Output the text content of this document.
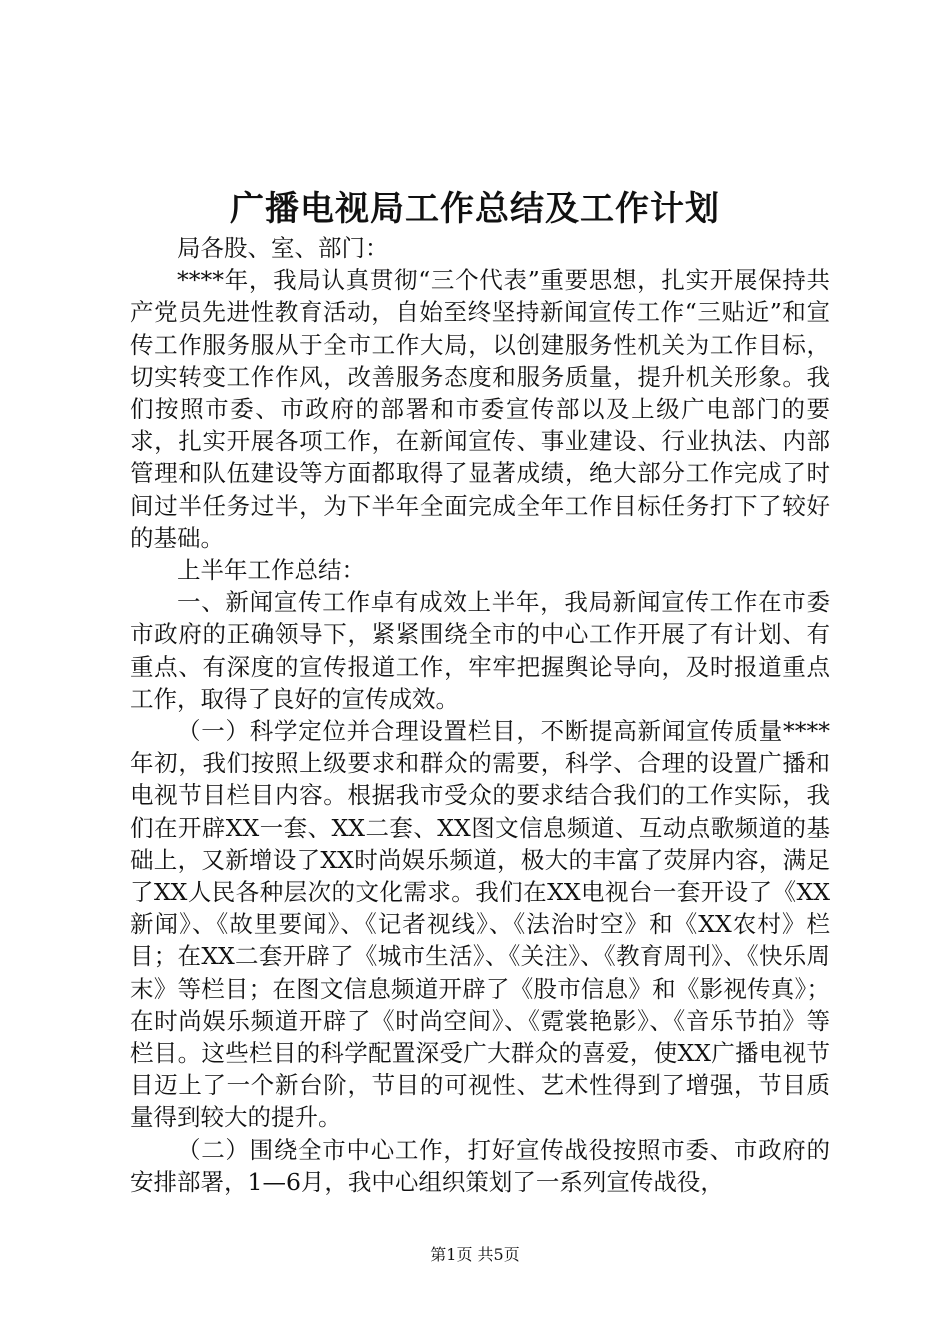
广播电视局工作总结及工作计划

局各股、室、部门：

****年，我局认真贯彻“三个代表”重要思想，扎实开展保持共产党员先进性教育活动，自始至终坚持新闻宣传工作“三贴近”和宣传工作服务服从于全市工作大局，以创建服务性机关为工作目标，切实转变工作作风，改善服务态度和服务质量，提升机关形象。我们按照市委、市政府的部署和市委宣传部以及上级广电部门的要求，扎实开展各项工作，在新闻宣传、事业建设、行业执法、内部管理和队伍建设等方面都取得了显著成绩，绝大部分工作完成了时间过半任务过半，为下半年全面完成全年工作目标任务打下了较好的基础。

上半年工作总结：

一、新闻宣传工作卓有成效上半年，我局新闻宣传工作在市委市政府的正确领导下，紧紧围绕全市的中心工作开展了有计划、有重点、有深度的宣传报道工作，牢牢把握舆论导向，及时报道重点工作，取得了良好的宣传成效。

（一）科学定位并合理设置栏目，不断提高新闻宣传质量****年初，我们按照上级要求和群众的需要，科学、合理的设置广播和电视节目栏目内容。根据我市受众的要求结合我们的工作实际，我们在开辟XX一套、XX二套、XX图文信息频道、互动点歌频道的基础上，又新增设了XX时尚娱乐频道，极大的丰富了荧屏内容，满足了XX人民各种层次的文化需求。我们在XX电视台一套开设了《XX新闻》、《故里要闻》、《记者视线》、《法治时空》和《XX农村》栏目；在XX二套开辟了《城市生活》、《关注》、《教育周刊》、《快乐周末》等栏目；在图文信息频道开辟了《股市信息》和《影视传真》；在时尚娱乐频道开辟了《时尚空间》、《霓裳艳影》、《音乐节拍》等栏目。这些栏目的科学配置深受广大群众的喜爱，使XX广播电视节目迈上了一个新台阶，节目的可视性、艺术性得到了增强，节目质量得到较大的提升。

（二）围绕全市中心工作，打好宣传战役按照市委、市政府的安排部署，1—6月，我中心组织策划了一系列宣传战役，

第1页 共5页
